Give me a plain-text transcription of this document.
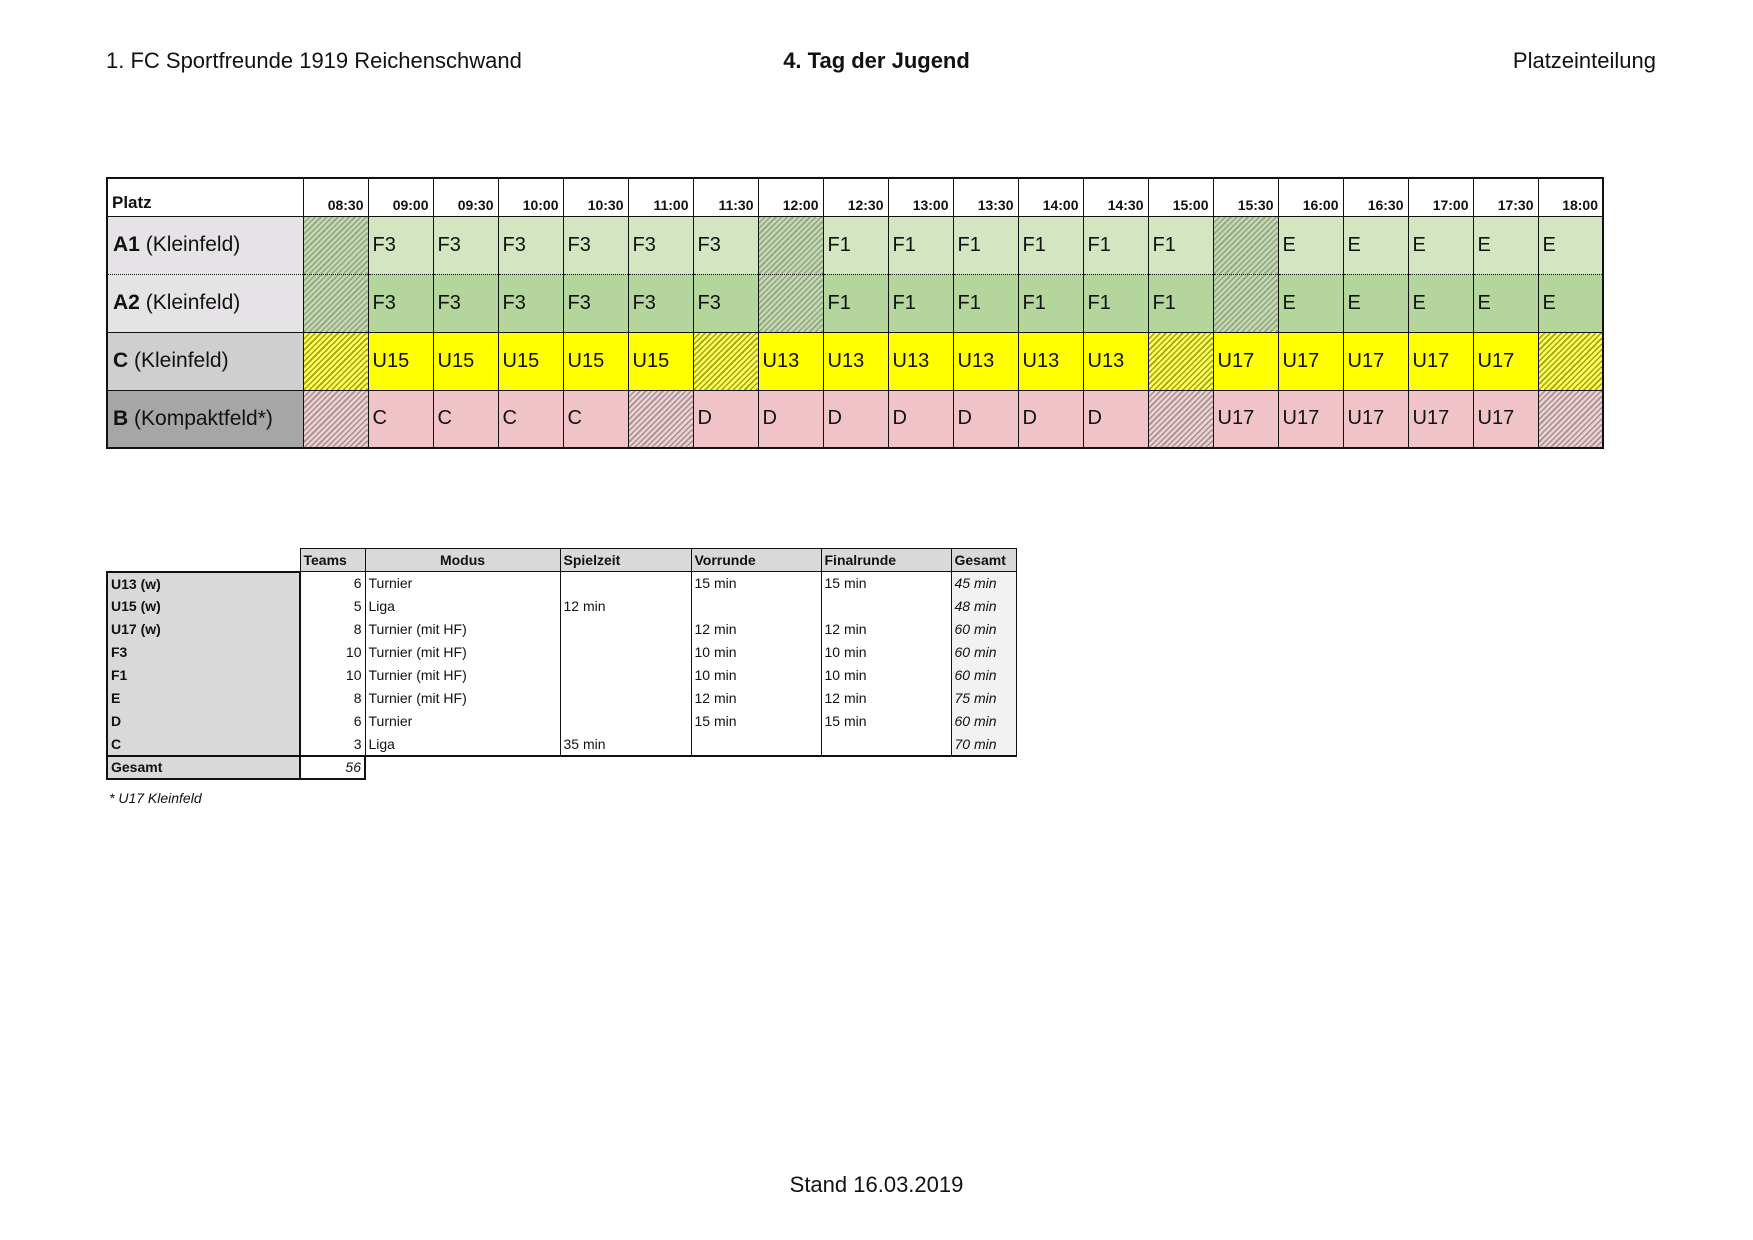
1. FC Sportfreunde 1919 Reichenschwand	4. Tag der Jugend	Platzeinteilung
Platz	08:30	09:00	09:30	10:00	10:30	11:00	11:30	12:00	12:30	13:00	13:30	14:00	14:30	15:00	15:30	16:00	16:30	17:00	17:30	18:00
A1 (Kleinfeld)		F3	F3	F3	F3	F3	F3		F1	F1	F1	F1	F1	F1		E	E	E	E	E
A2 (Kleinfeld)		F3	F3	F3	F3	F3	F3		F1	F1	F1	F1	F1	F1		E	E	E	E	E
C (Kleinfeld)		U15	U15	U15	U15	U15		U13	U13	U13	U13	U13	U13		U17	U17	U17	U17	U17	
B (Kompaktfeld*)		C	C	C	C		D	D	D	D	D	D	D		U17	U17	U17	U17	U17	
	Teams	Modus	Spielzeit	Vorrunde	Finalrunde	Gesamt
U13 (w)	6	Turnier		15 min	15 min	45 min
U15 (w)	5	Liga	12 min			48 min
U17 (w)	8	Turnier (mit HF)		12 min	12 min	60 min
F3	10	Turnier (mit HF)		10 min	10 min	60 min
F1	10	Turnier (mit HF)		10 min	10 min	60 min
E	8	Turnier (mit HF)		12 min	12 min	75 min
D	6	Turnier		15 min	15 min	60 min
C	3	Liga	35 min			70 min
Gesamt	56					
* U17 Kleinfeld
Stand 16.03.2019
